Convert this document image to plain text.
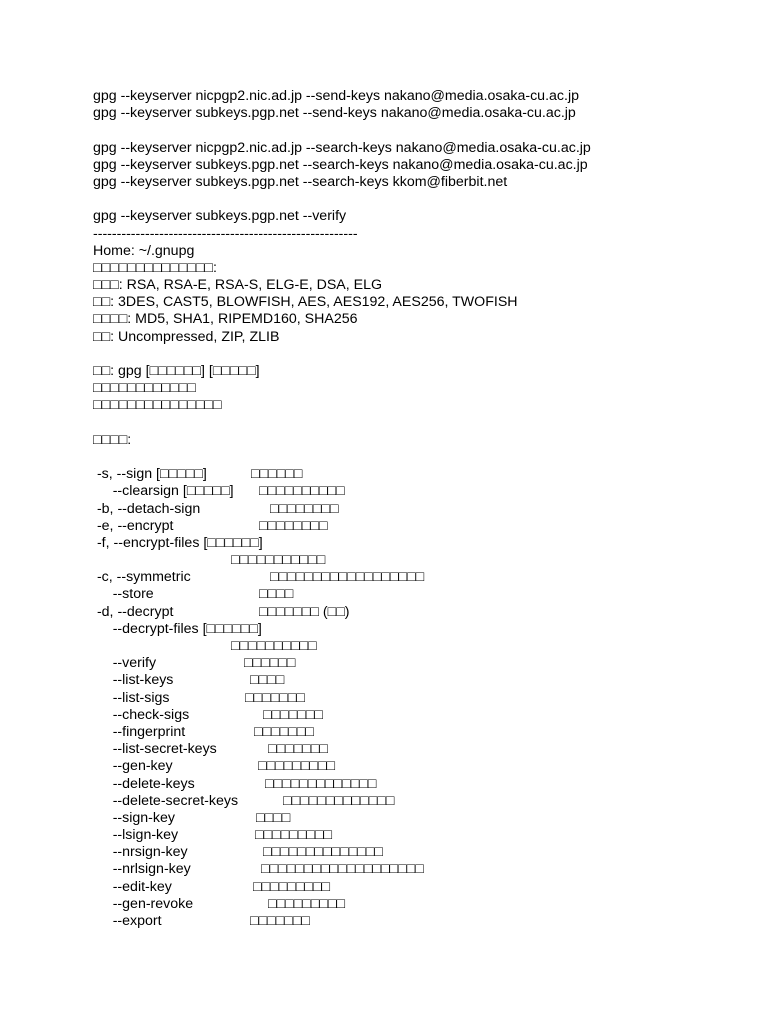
gpg --keyserver nicpgp2.nic.ad.jp --send-keys nakano@media.osaka-cu.ac.jp
gpg --keyserver subkeys.pgp.net --send-keys nakano@media.osaka-cu.ac.jp
gpg --keyserver nicpgp2.nic.ad.jp --search-keys nakano@media.osaka-cu.ac.jp
gpg --keyserver subkeys.pgp.net --search-keys nakano@media.osaka-cu.ac.jp
gpg --keyserver subkeys.pgp.net --search-keys kkom@fiberbit.net
gpg --keyserver subkeys.pgp.net --verify
--------------------------------------------------------
Home: ~/.gnupg
□□□□□□□□□□□□□□:
□□□: RSA, RSA-E, RSA-S, ELG-E, DSA, ELG
□□: 3DES, CAST5, BLOWFISH, AES, AES192, AES256, TWOFISH
□□□□: MD5, SHA1, RIPEMD160, SHA256
□□: Uncompressed, ZIP, ZLIB
□□: gpg [□□□□□□] [□□□□□]
□□□□□□□□□□□□
□□□□□□□□□□□□□□□
□□□□:
-s, --sign [□□□□□]	□□□□□□
--clearsign [□□□□□] □□□□□□□□□□
-b, --detach-sign	□□□□□□□□
-e, --encrypt	□□□□□□□□
-f, --encrypt-files [□□□□□□]
□□□□□□□□□□□
-c, --symmetric	□□□□□□□□□□□□□□□□□□
--store	□□□□
-d, --decrypt	□□□□□□□ (□□)
--decrypt-files [□□□□□□]
□□□□□□□□□□
--verify	□□□□□□
--list-keys	□□□□
--list-sigs	□□□□□□□
--check-sigs	□□□□□□□
--fingerprint	□□□□□□□
--list-secret-keys	□□□□□□□
--gen-key	□□□□□□□□□
--delete-keys	□□□□□□□□□□□□□
--delete-secret-keys	□□□□□□□□□□□□□
--sign-key	□□□□
--lsign-key	□□□□□□□□□
--nrsign-key	□□□□□□□□□□□□□□
--nrlsign-key	□□□□□□□□□□□□□□□□□□□
--edit-key	□□□□□□□□□
--gen-revoke	□□□□□□□□□
--export	□□□□□□□
